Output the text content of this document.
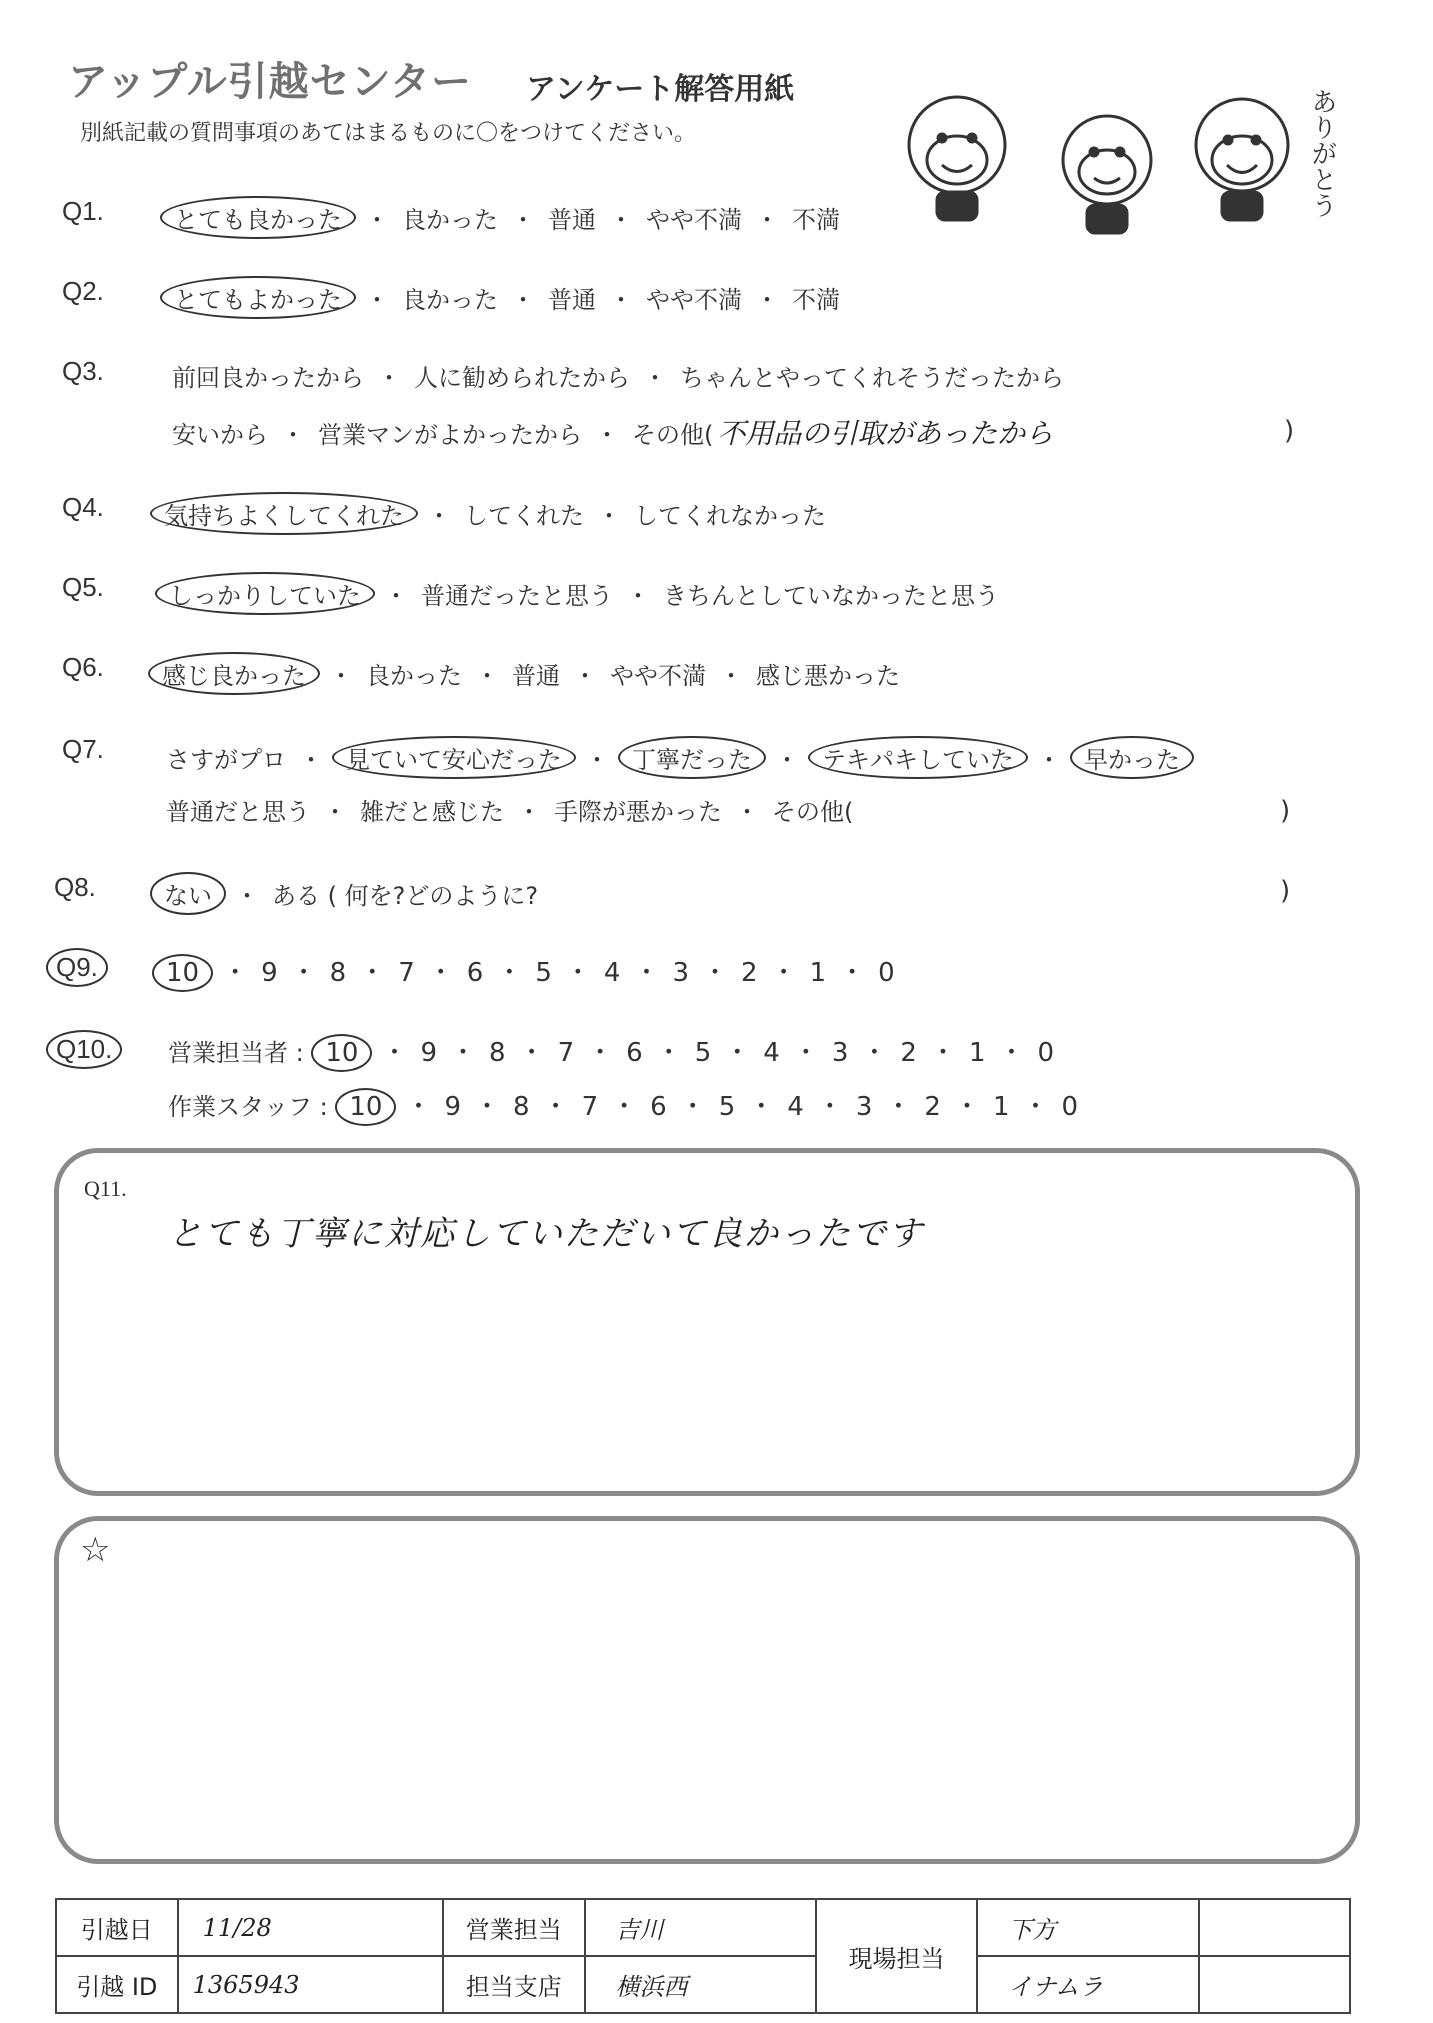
アップル引越センター アンケート解答用紙
別紙記載の質問事項のあてはまるものに〇をつけてください。	ありがとう
Q1.	とても良かった ・ 良かった ・ 普通 ・ やや不満 ・ 不満
Q2.	とてもよかった ・ 良かった ・ 普通 ・ やや不満 ・ 不満
Q3.	前回良かったから ・ 人に勧められたから ・ ちゃんとやってくれそうだったから
安いから ・ 営業マンがよかったから ・ その他( 不用品の引取があったから	)
Q4.	気持ちよくしてくれた ・ してくれた ・ してくれなかった
Q5.	しっかりしていた ・ 普通だったと思う ・ きちんとしていなかったと思う
Q6.	感じ良かった ・ 良かった ・ 普通 ・ やや不満 ・ 感じ悪かった
Q7.	さすがプロ ・ 見ていて安心だった ・ 丁寧だった ・ テキパキしていた ・ 早かった
普通だと思う ・ 雑だと感じた ・ 手際が悪かった ・ その他(	)
Q8.	ない ・ ある ( 何を?どのように?	)
Q9.	10 ・ 9 ・ 8 ・ 7 ・ 6 ・ 5 ・ 4 ・ 3 ・ 2 ・ 1 ・ 0
Q10.	営業担当者 : 10 ・ 9 ・ 8 ・ 7 ・ 6 ・ 5 ・ 4 ・ 3 ・ 2 ・ 1 ・ 0
作業スタッフ : 10 ・ 9 ・ 8 ・ 7 ・ 6 ・ 5 ・ 4 ・ 3 ・ 2 ・ 1 ・ 0
Q11.
とても丁寧に対応していただいて良かったです
☆
引越日	11/28	営業担当	吉川	現場担当	下方	
引越 ID	1365943	担当支店	横浜西		イナムラ	
